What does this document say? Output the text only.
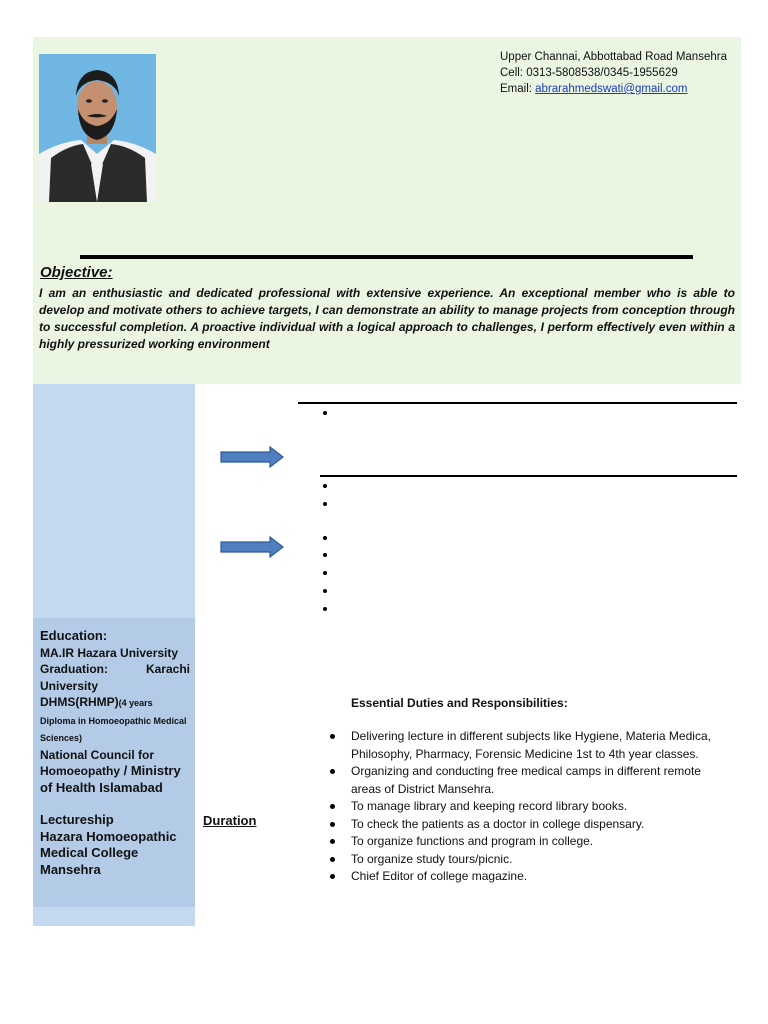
Upper Channai, Abbottabad Road Mansehra
Cell: 0313-5808538/0345-1955629
Email: abrarahmedswati@gmail.com
Objective:

I am an enthusiastic and dedicated professional with extensive experience. An exceptional member who is able to develop and motivate others to achieve targets, I can demonstrate an ability to manage projects from conception through to successful completion. A proactive individual with a logical approach to challenges, I perform effectively even within a highly pressurized working environment

Education:
MA.IR Hazara University
Graduation:	Karachi
University
DHMS(RHMP)(4 years Diploma in Homoeopathic Medical Sciences)
National Council for Homoeopathy / Ministry of Health Islamabad
Lectureship
Hazara Homoeopathic
Medical College
Mansehra
Duration
Essential Duties and Responsibilities:
Delivering lecture in different subjects like Hygiene, Materia Medica, Philosophy, Pharmacy, Forensic Medicine 1st to 4th year classes.
Organizing and conducting free medical camps in different remote areas of District Mansehra.
To manage library and keeping record library books.
To check the patients as a doctor in college dispensary.
To organize functions and program in college.
To organize study tours/picnic.
Chief Editor of college magazine.
